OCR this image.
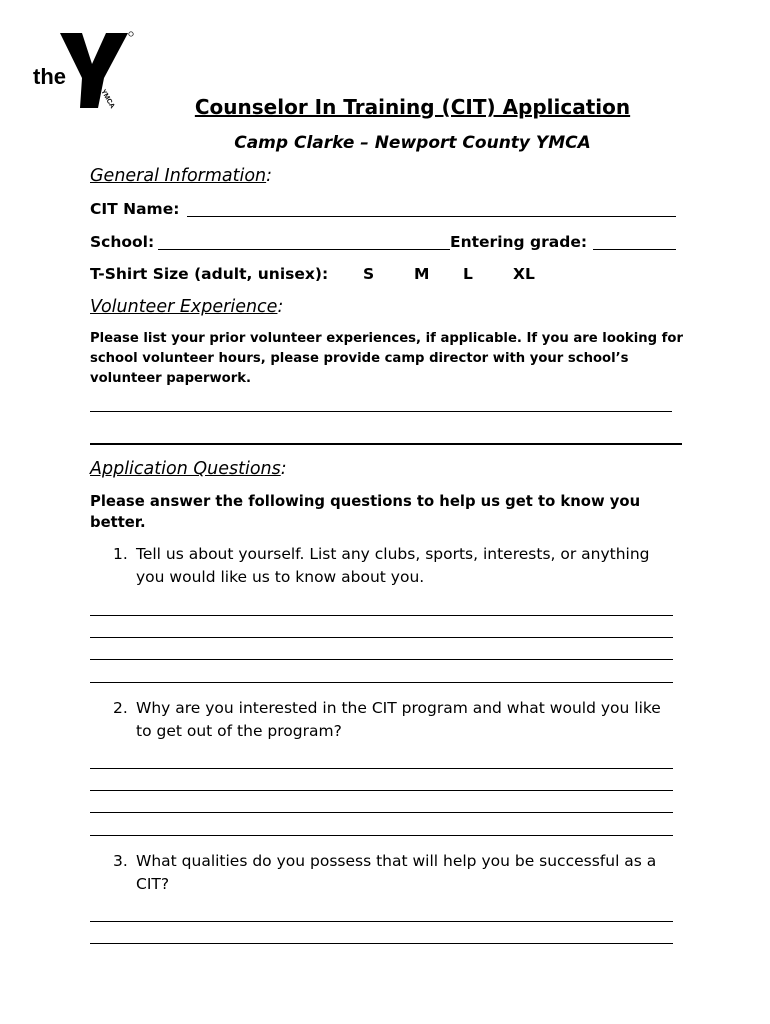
the
YMCA	Counselor In Training (CIT) Application
Camp Clarke – Newport County YMCA
General Information:
CIT Name:
School:	Entering grade:
T-Shirt Size (adult, unisex): S	M L	XL
Volunteer Experience:
Please list your prior volunteer experiences, if applicable. If you are looking for school volunteer hours, please provide camp director with your school’s volunteer paperwork.
Application Questions:
Please answer the following questions to help us get to know you better.
1. Tell us about yourself. List any clubs, sports, interests, or anything you would like us to know about you.
2. Why are you interested in the CIT program and what would you like to get out of the program?
3. What qualities do you possess that will help you be successful as a CIT?
